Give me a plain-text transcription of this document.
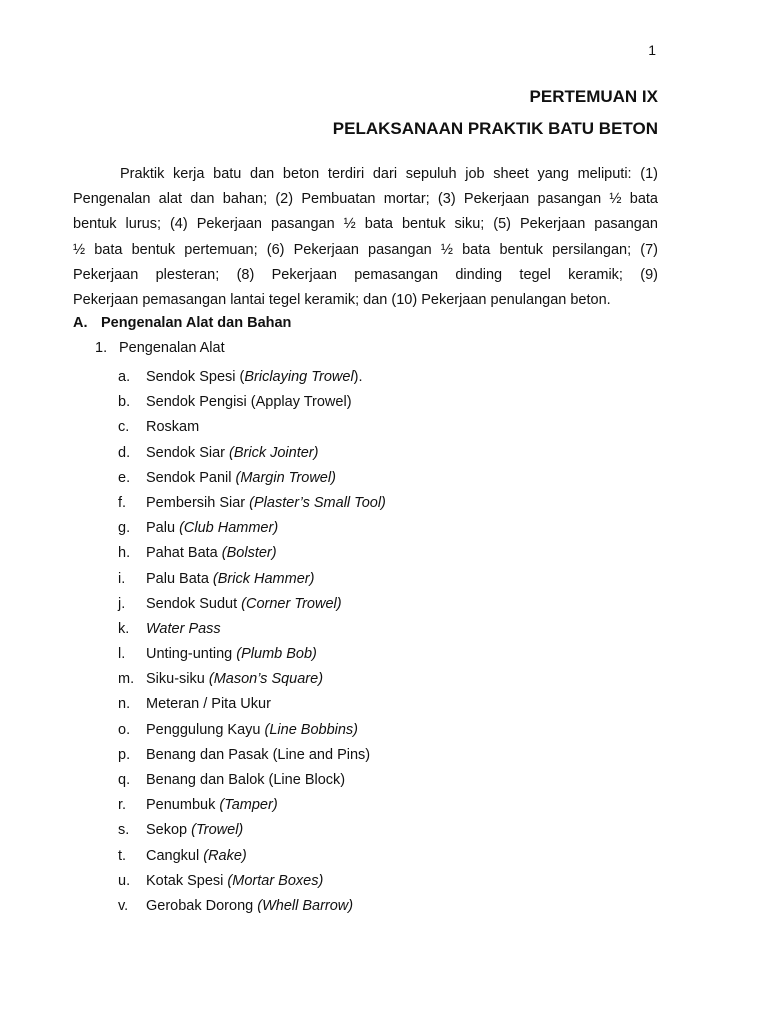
1
PERTEMUAN IX
PELAKSANAAN PRAKTIK BATU BETON

Praktik kerja batu dan beton terdiri dari sepuluh job sheet yang meliputi: (1)
Pengenalan alat dan bahan; (2) Pembuatan mortar; (3) Pekerjaan pasangan ½ bata
bentuk lurus; (4) Pekerjaan pasangan ½ bata bentuk siku; (5) Pekerjaan pasangan
½ bata bentuk pertemuan; (6) Pekerjaan pasangan ½ bata bentuk persilangan; (7)
Pekerjaan plesteran; (8) Pekerjaan pemasangan dinding tegel keramik; (9)
Pekerjaan pemasangan lantai tegel keramik; dan (10) Pekerjaan penulangan beton.

A. Pengenalan Alat dan Bahan
1. Pengenalan Alat
a. Sendok Spesi (Briclaying Trowel).
b. Sendok Pengisi (Applay Trowel)
c. Roskam
d. Sendok Siar (Brick Jointer)
e. Sendok Panil (Margin Trowel)
f. Pembersih Siar (Plaster’s Small Tool)
g. Palu (Club Hammer)
h. Pahat Bata (Bolster)
i. Palu Bata (Brick Hammer)
j. Sendok Sudut (Corner Trowel)
k. Water Pass
l. Unting-unting (Plumb Bob)
m. Siku-siku (Mason’s Square)
n. Meteran / Pita Ukur
o. Penggulung Kayu (Line Bobbins)
p. Benang dan Pasak (Line and Pins)
q. Benang dan Balok (Line Block)
r. Penumbuk (Tamper)
s. Sekop (Trowel)
t. Cangkul (Rake)
u. Kotak Spesi (Mortar Boxes)
v. Gerobak Dorong (Whell Barrow)
